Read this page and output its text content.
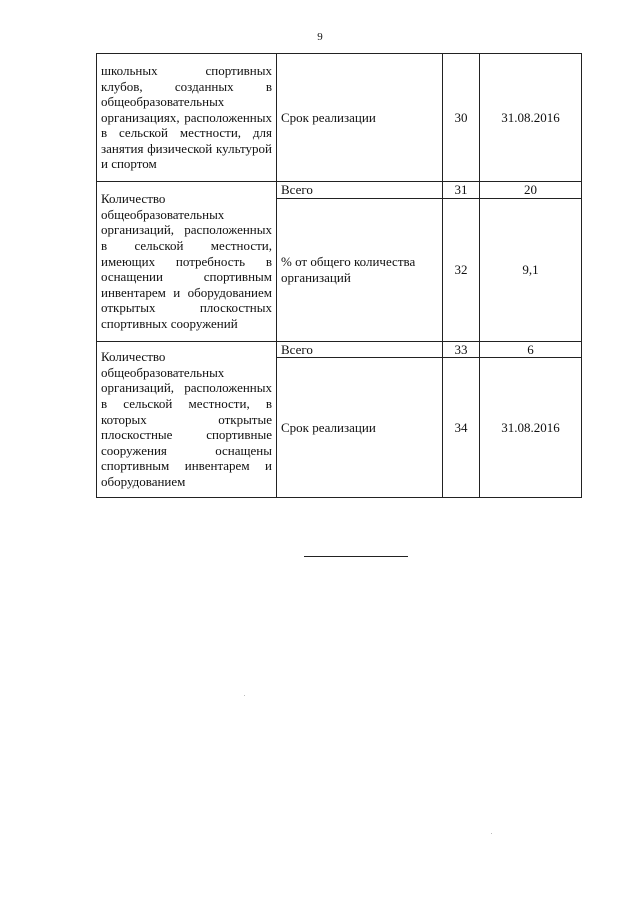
9
школьных спортивных клубов, созданных в общеобразовательных организациях, расположенных в сельской местности, для занятия физической культурой и спортом	Срок реализации	30	31.08.2016
Количество общеобразовательных организаций, расположенных в сельской местности, имеющих потребность в оснащении спортивным инвентарем и оборудованием открытых плоскостных спортивных сооружений	Всего	31	20
	% от общего количества организаций	32	9,1
Количество общеобразовательных организаций, расположенных в сельской местности, в которых открытые плоскостные спортивные сооружения оснащены спортивным инвентарем и оборудованием	Всего	33	6
	Срок реализации	34	31.08.2016
